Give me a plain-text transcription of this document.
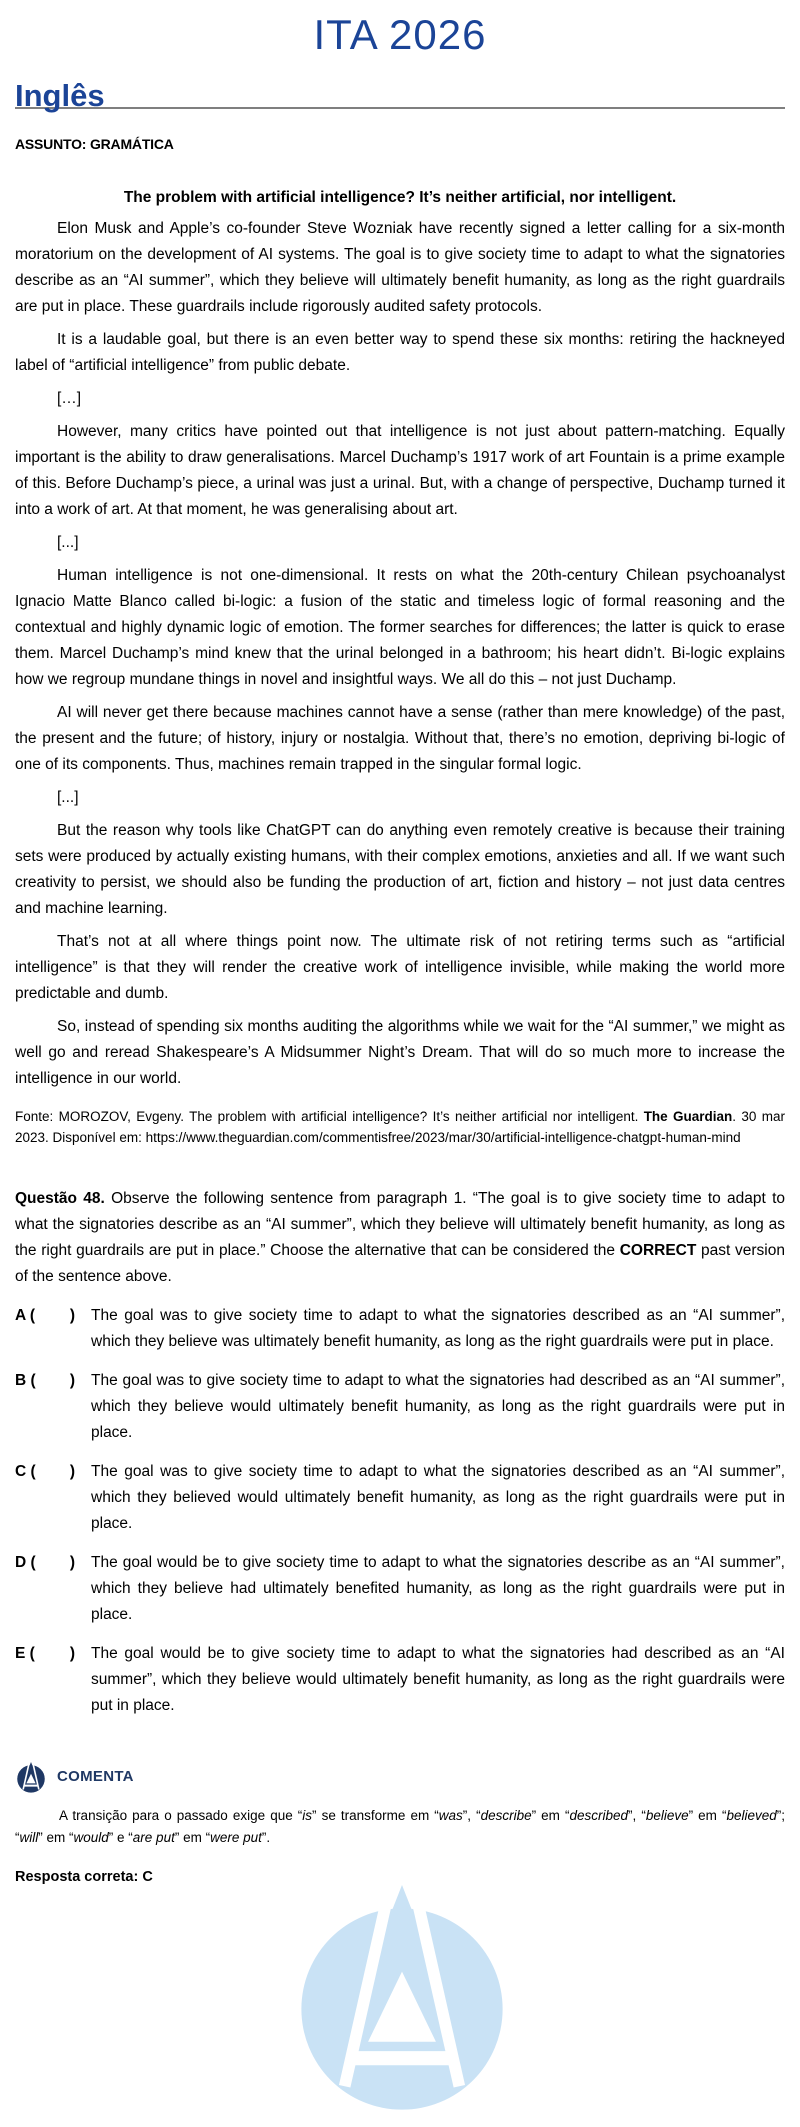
ITA 2026
Inglês
ASSUNTO: GRAMÁTICA
The problem with artificial intelligence? It’s neither artificial, nor intelligent.

Elon Musk and Apple’s co-founder Steve Wozniak have recently signed a letter calling for a six-month moratorium on the development of AI systems. The goal is to give society time to adapt to what the signatories describe as an “AI summer”, which they believe will ultimately benefit humanity, as long as the right guardrails are put in place. These guardrails include rigorously audited safety protocols.

It is a laudable goal, but there is an even better way to spend these six months: retiring the hackneyed label of “artificial intelligence” from public debate.

[…]

However, many critics have pointed out that intelligence is not just about pattern-matching. Equally important is the ability to draw generalisations. Marcel Duchamp’s 1917 work of art Fountain is a prime example of this. Before Duchamp’s piece, a urinal was just a urinal. But, with a change of perspective, Duchamp turned it into a work of art. At that moment, he was generalising about art.

[...]

Human intelligence is not one-dimensional. It rests on what the 20th-century Chilean psychoanalyst Ignacio Matte Blanco called bi-logic: a fusion of the static and timeless logic of formal reasoning and the contextual and highly dynamic logic of emotion. The former searches for differences; the latter is quick to erase them. Marcel Duchamp’s mind knew that the urinal belonged in a bathroom; his heart didn’t. Bi-logic explains how we regroup mundane things in novel and insightful ways. We all do this – not just Duchamp.

AI will never get there because machines cannot have a sense (rather than mere knowledge) of the past, the present and the future; of history, injury or nostalgia. Without that, there’s no emotion, depriving bi-logic of one of its components. Thus, machines remain trapped in the singular formal logic.

[...]

But the reason why tools like ChatGPT can do anything even remotely creative is because their training sets were produced by actually existing humans, with their complex emotions, anxieties and all. If we want such creativity to persist, we should also be funding the production of art, fiction and history – not just data centres and machine learning.

That’s not at all where things point now. The ultimate risk of not retiring terms such as “artificial intelligence” is that they will render the creative work of intelligence invisible, while making the world more predictable and dumb.

So, instead of spending six months auditing the algorithms while we wait for the “AI summer,” we might as well go and reread Shakespeare’s A Midsummer Night’s Dream. That will do so much more to increase the intelligence in our world.

Fonte: MOROZOV, Evgeny. The problem with artificial intelligence? It’s neither artificial nor intelligent. The Guardian. 30 mar 2023. Disponível em: https://www.theguardian.com/commentisfree/2023/mar/30/artificial-intelligence-chatgpt-human-mind

Questão 48. Observe the following sentence from paragraph 1. “The goal is to give society time to adapt to what the signatories describe as an “AI summer”, which they believe will ultimately benefit humanity, as long as the right guardrails are put in place.” Choose the alternative that can be considered the CORRECT past version of the sentence above.

A ( ) The goal was to give society time to adapt to what the signatories described as an “AI summer”, which they believe was ultimately benefit humanity, as long as the right guardrails were put in place.
B ( ) The goal was to give society time to adapt to what the signatories had described as an “AI summer”, which they believe would ultimately benefit humanity, as long as the right guardrails were put in place.
C ( ) The goal was to give society time to adapt to what the signatories described as an “AI summer”, which they believed would ultimately benefit humanity, as long as the right guardrails were put in place.
D ( ) The goal would be to give society time to adapt to what the signatories describe as an “AI summer”, which they believe had ultimately benefited humanity, as long as the right guardrails were put in place.
E ( ) The goal would be to give society time to adapt to what the signatories had described as an “AI summer”, which they believe would ultimately benefit humanity, as long as the right guardrails were put in place.
COMENTA

A transição para o passado exige que “is” se transforme em “was”, “describe” em “described”, “believe” em “believed”; “will” em “would” e “are put” em “were put”.

Resposta correta: C
